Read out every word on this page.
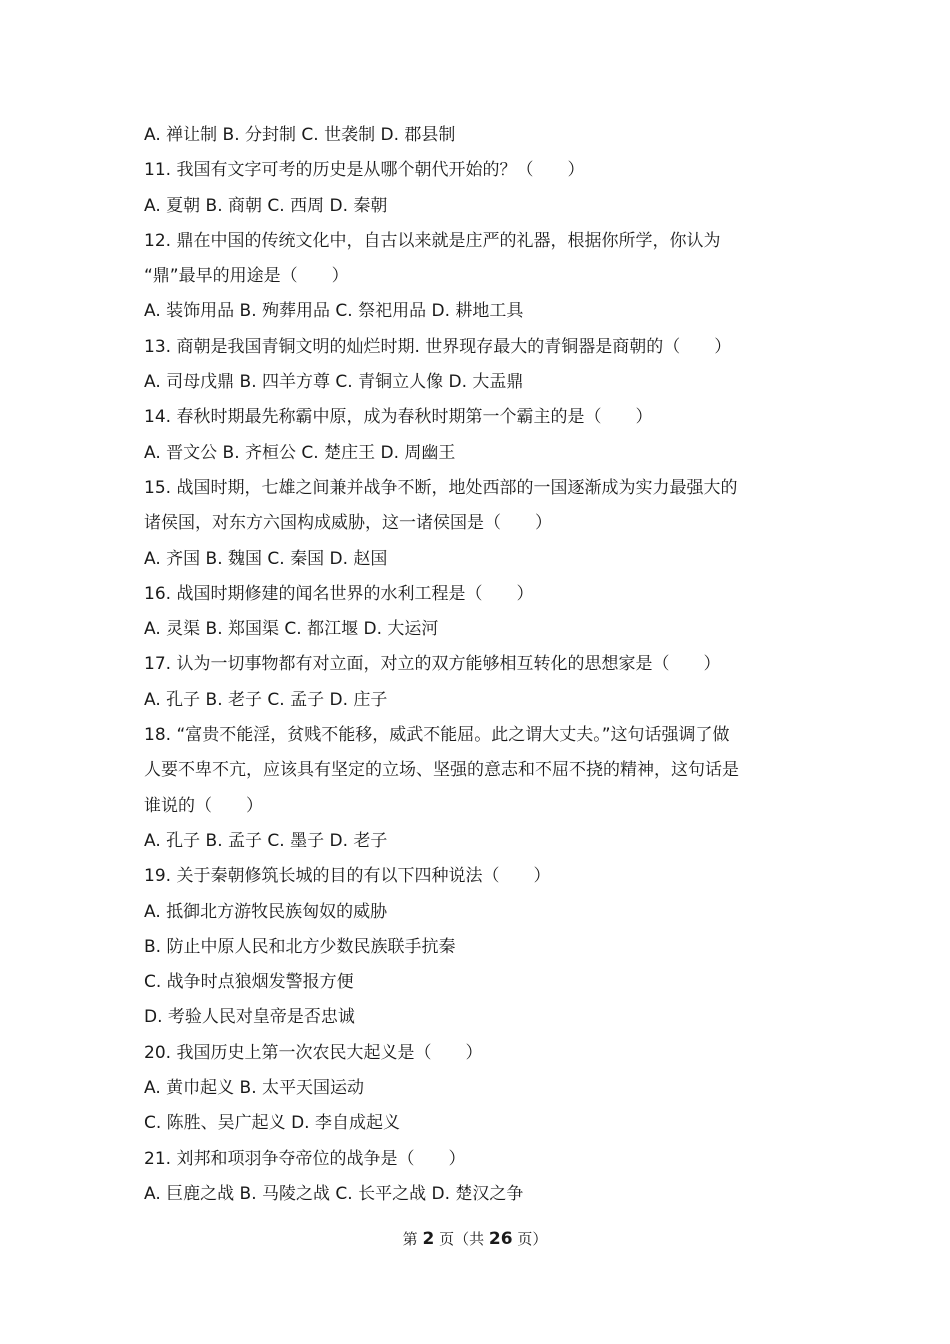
A. 禅让制 B. 分封制 C. 世袭制 D. 郡县制
11. 我国有文字可考的历史是从哪个朝代开始的？（　　）
A. 夏朝 B. 商朝 C. 西周 D. 秦朝
12. 鼎在中国的传统文化中，自古以来就是庄严的礼器，根据你所学，你认为
“鼎”最早的用途是（　　）
A. 装饰用品 B. 殉葬用品 C. 祭祀用品 D. 耕地工具
13. 商朝是我国青铜文明的灿烂时期. 世界现存最大的青铜器是商朝的（　　）
A. 司母戊鼎 B. 四羊方尊 C. 青铜立人像 D. 大盂鼎
14. 春秋时期最先称霸中原，成为春秋时期第一个霸主的是（　　）
A. 晋文公 B. 齐桓公 C. 楚庄王 D. 周幽王
15. 战国时期，七雄之间兼并战争不断，地处西部的一国逐渐成为实力最强大的
诸侯国，对东方六国构成威胁，这一诸侯国是（　　）
A. 齐国 B. 魏国 C. 秦国 D. 赵国
16. 战国时期修建的闻名世界的水利工程是（　　）
A. 灵渠 B. 郑国渠 C. 都江堰 D. 大运河
17. 认为一切事物都有对立面，对立的双方能够相互转化的思想家是（　　）
A. 孔子 B. 老子 C. 孟子 D. 庄子
18. “富贵不能淫，贫贱不能移，威武不能屈。此之谓大丈夫。”这句话强调了做
人要不卑不亢，应该具有坚定的立场、坚强的意志和不屈不挠的精神，这句话是
谁说的（　　）
A. 孔子 B. 孟子 C. 墨子 D. 老子
19. 关于秦朝修筑长城的目的有以下四种说法（　　）
A. 抵御北方游牧民族匈奴的威胁
B. 防止中原人民和北方少数民族联手抗秦
C. 战争时点狼烟发警报方便
D. 考验人民对皇帝是否忠诚
20. 我国历史上第一次农民大起义是（　　）
A. 黄巾起义 B. 太平天国运动
C. 陈胜、吴广起义 D. 李自成起义
21. 刘邦和项羽争夺帝位的战争是（　　）
A. 巨鹿之战 B. 马陵之战 C. 长平之战 D. 楚汉之争
第 2 页（共 26 页）
